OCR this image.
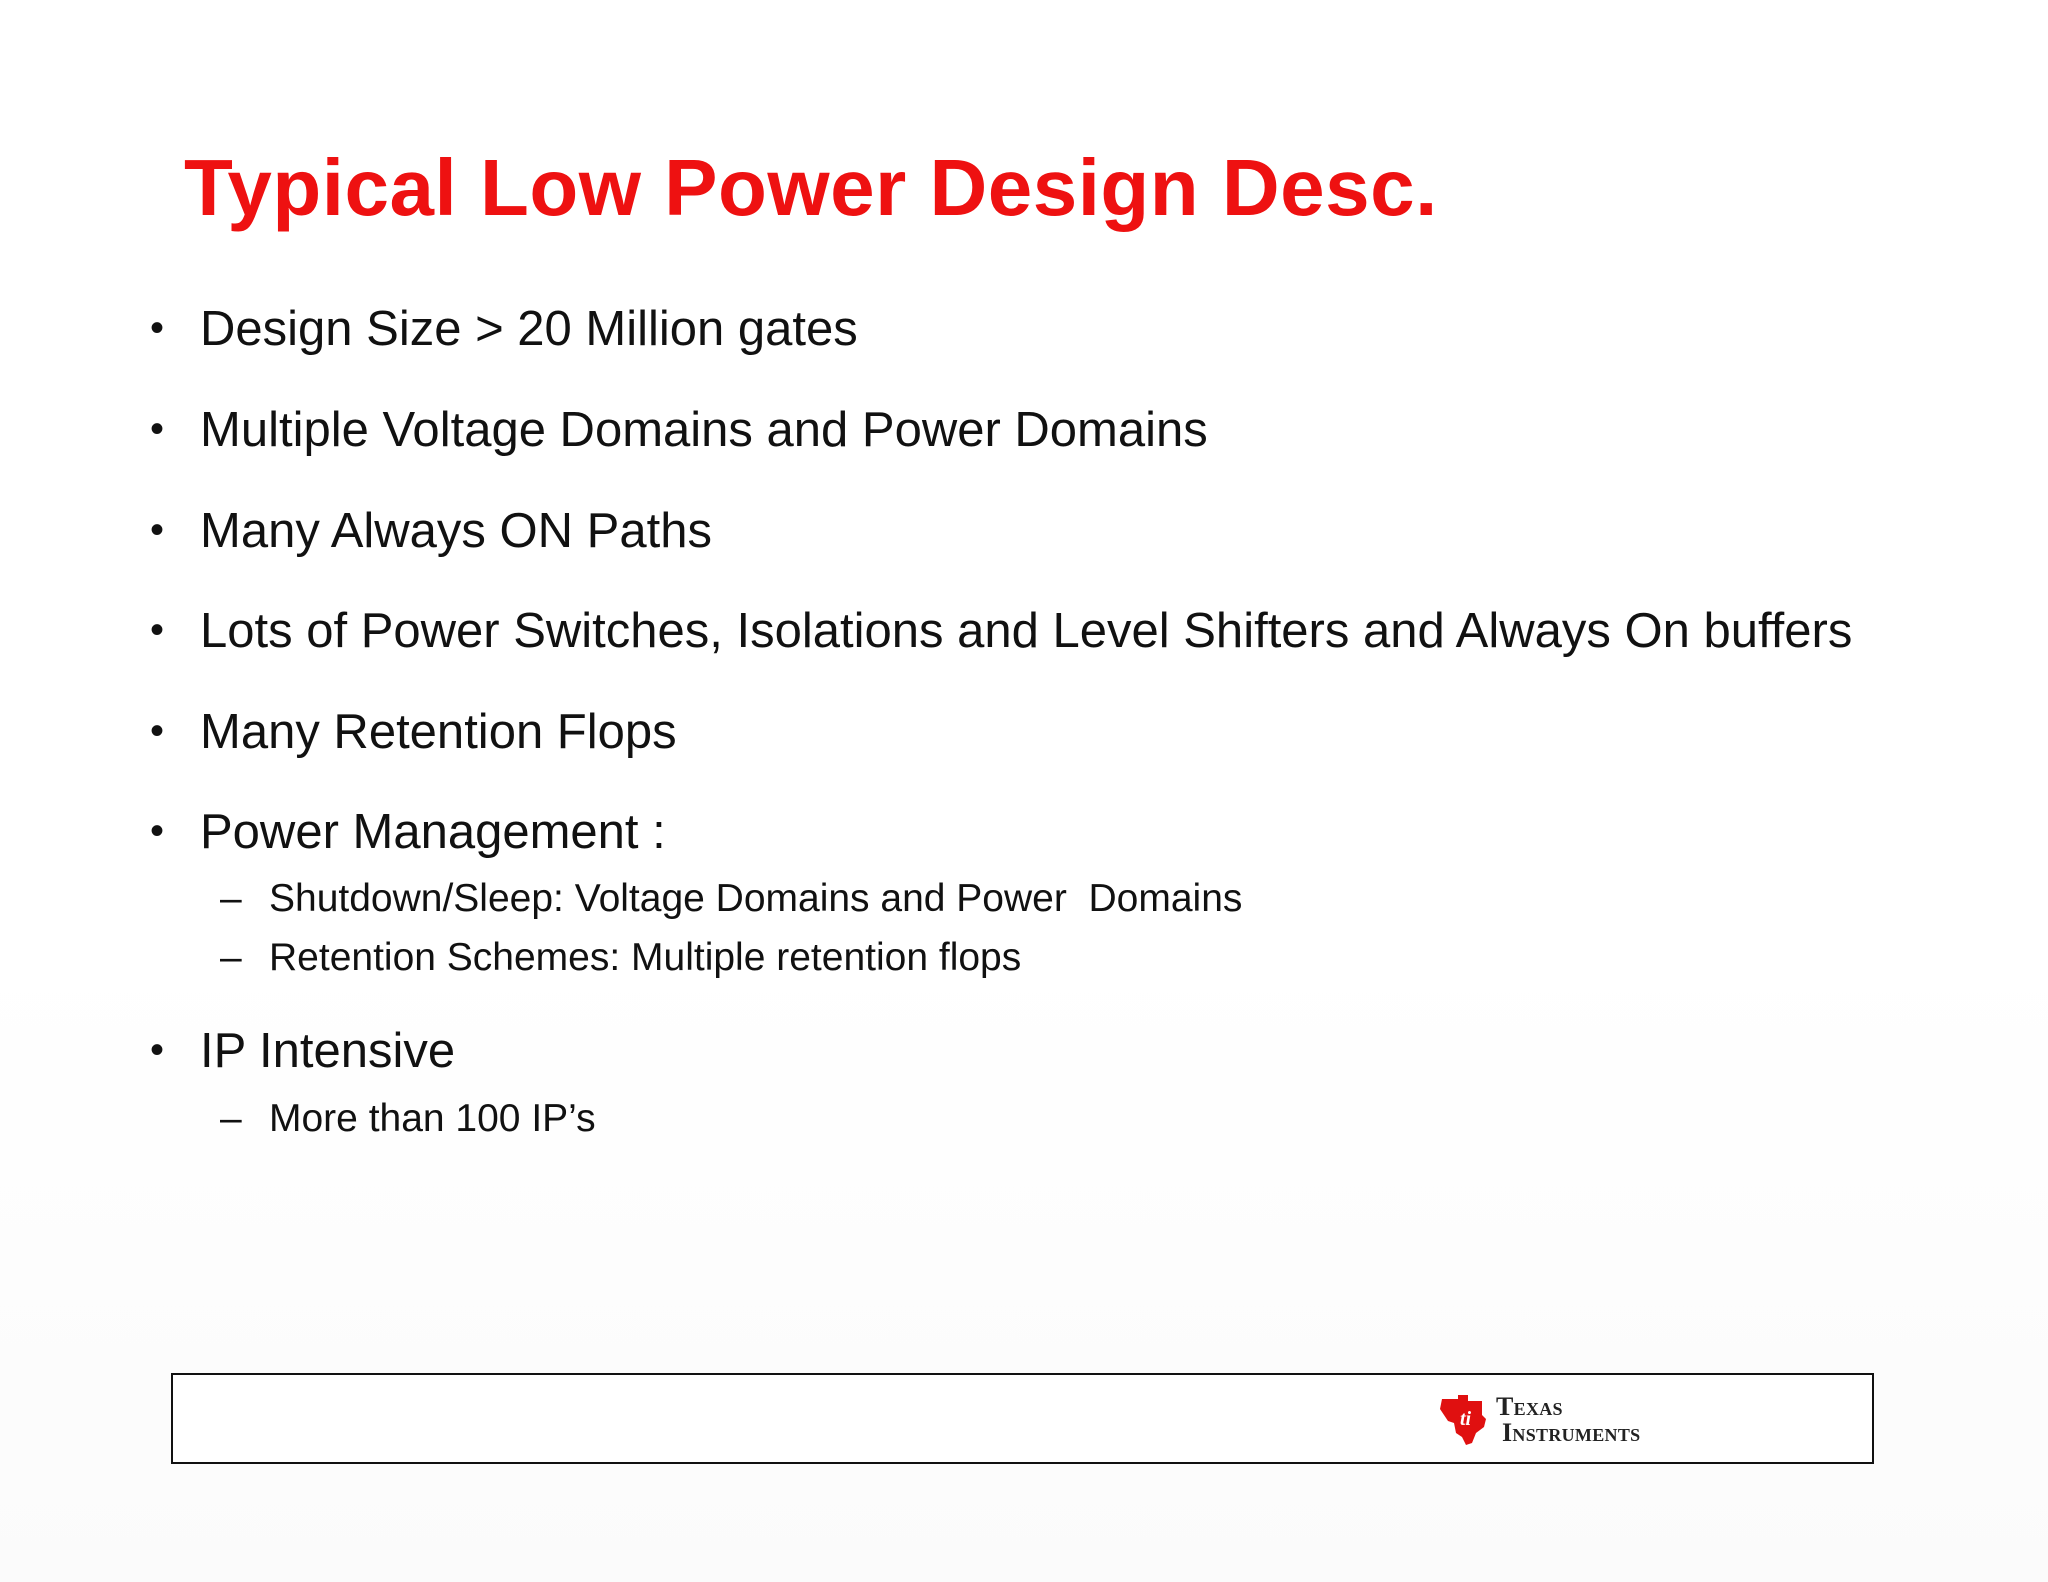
Typical Low Power Design Desc.
• Design Size > 20 Million gates
• Multiple Voltage Domains and Power Domains
• Many Always ON Paths
• Lots of Power Switches, Isolations and Level Shifters and Always On buffers
• Many Retention Flops
• Power Management :
– Shutdown/Sleep: Voltage Domains and Power  Domains
– Retention Schemes: Multiple retention flops
• IP Intensive
– More than 100 IP’s
ti Texas
Instruments
